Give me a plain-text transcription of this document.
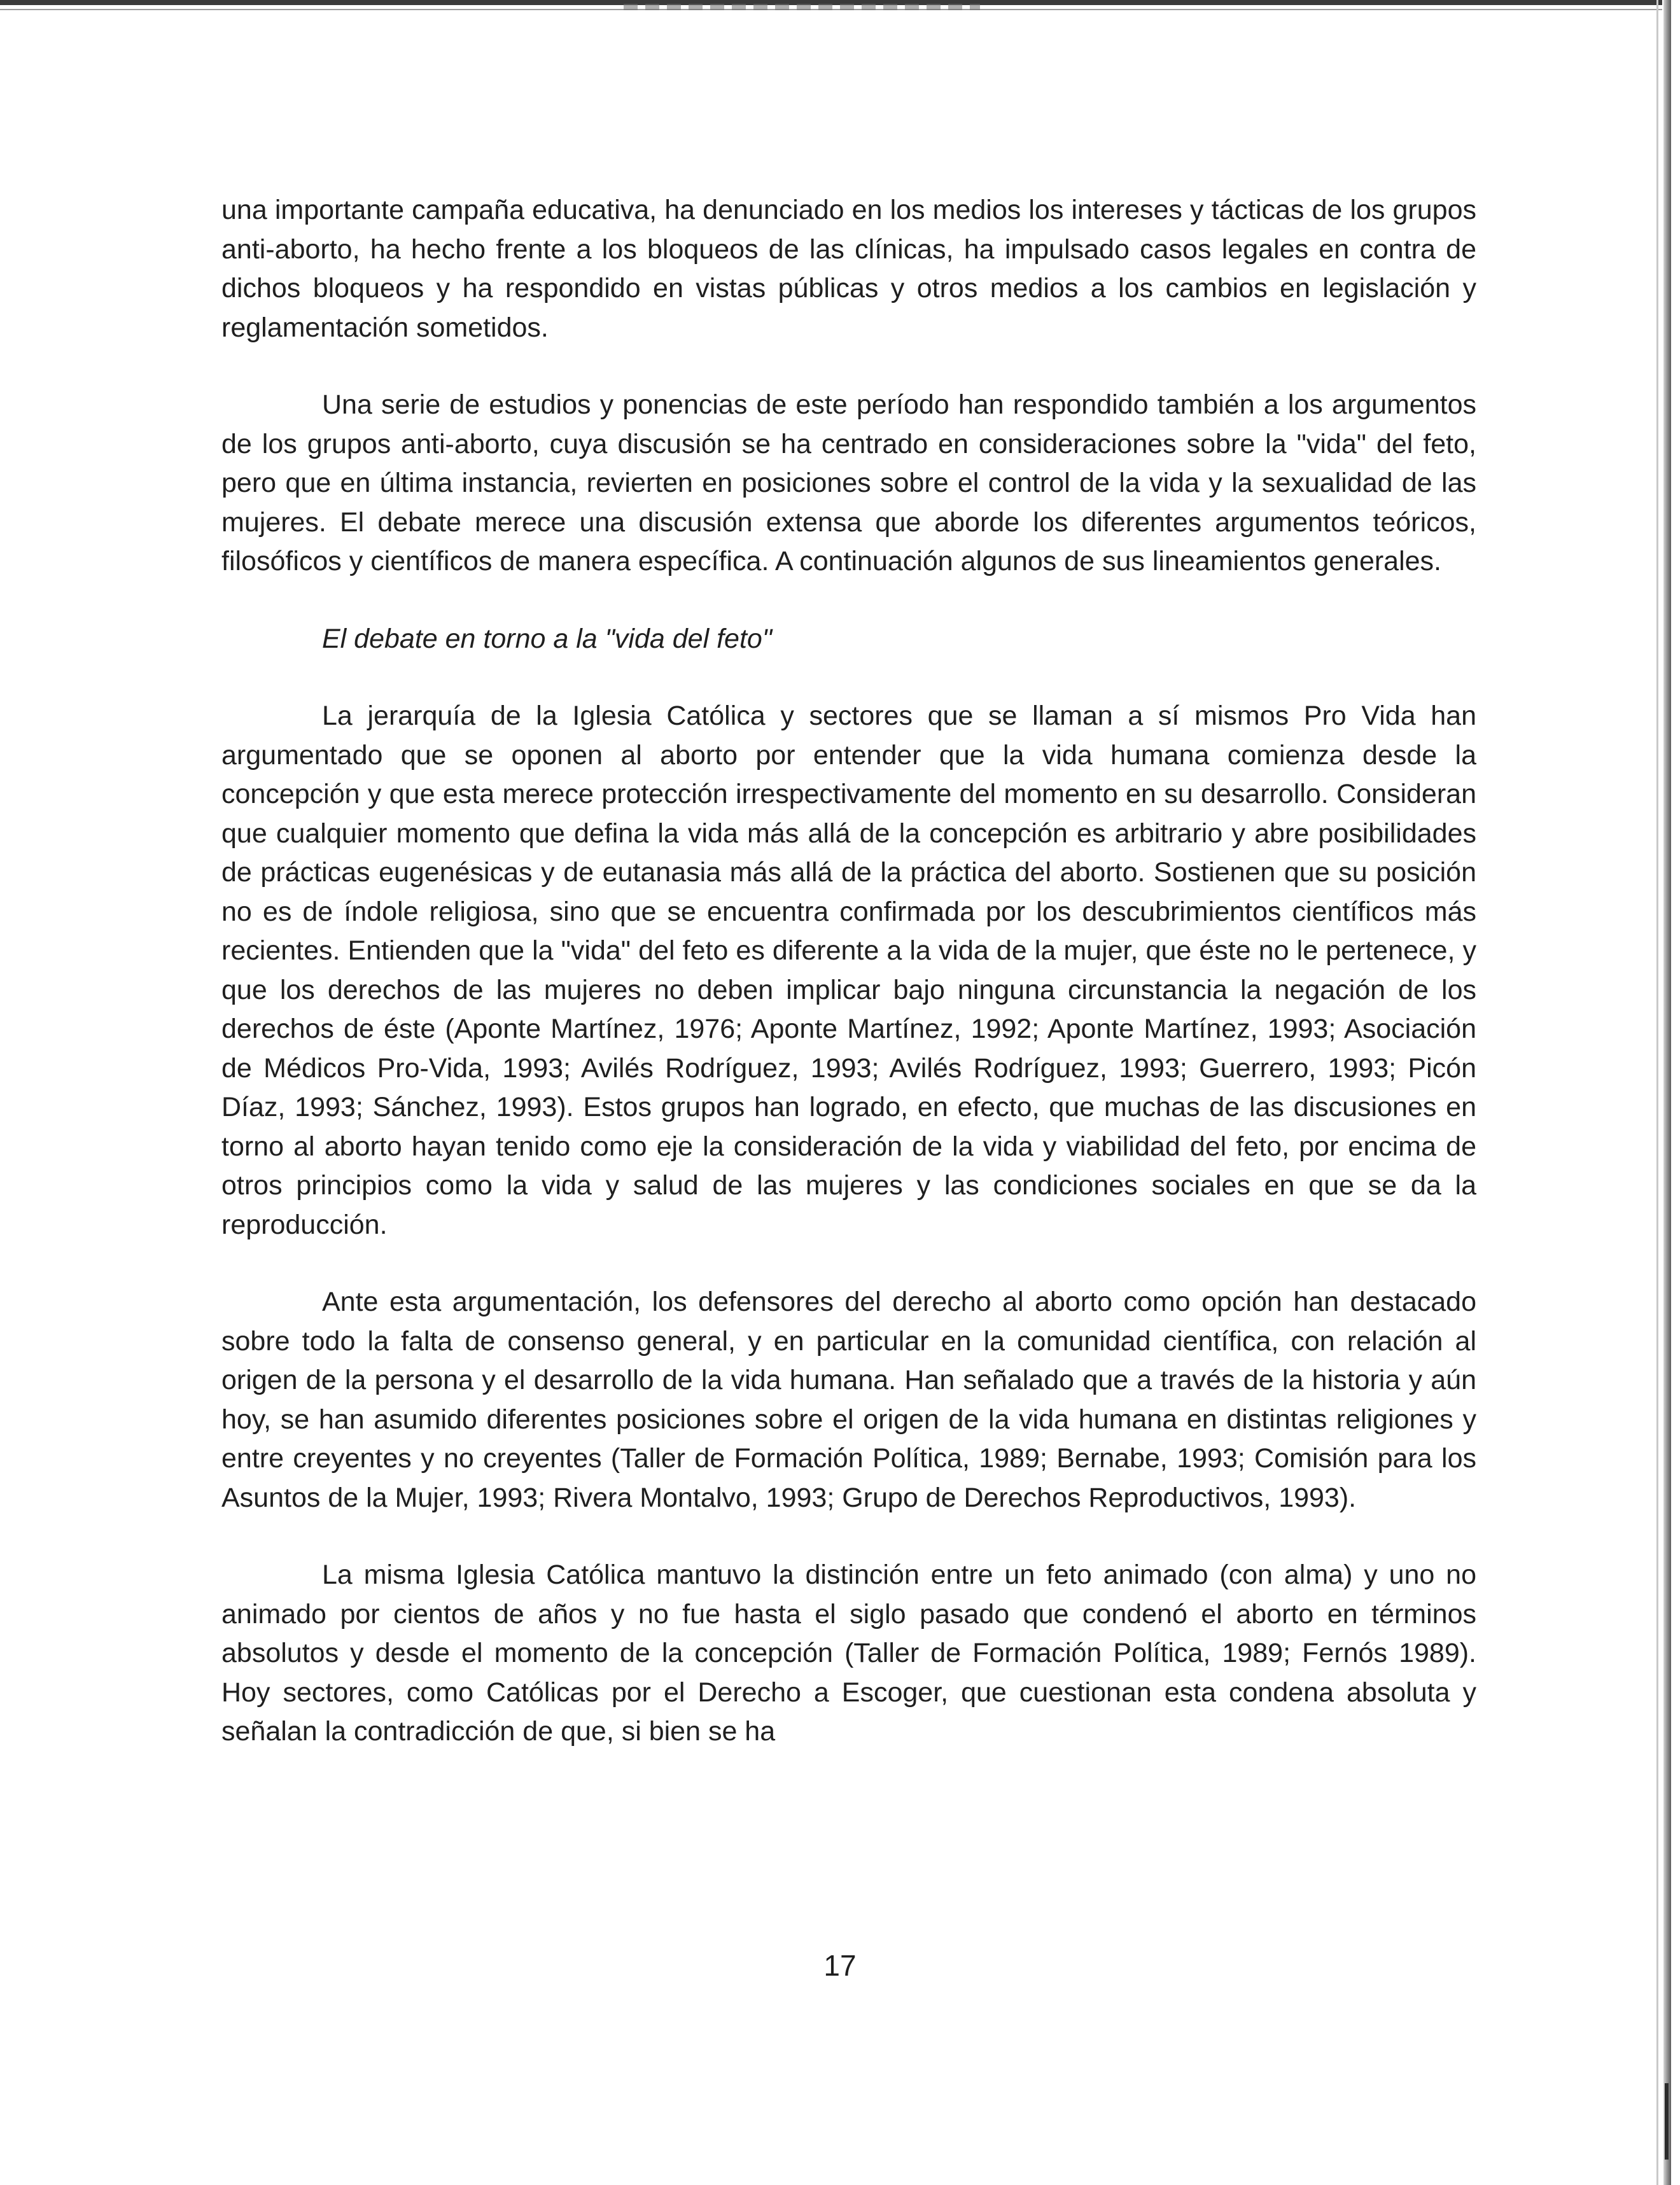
una importante campaña educativa, ha denunciado en los medios los intereses y tácticas de los grupos anti-aborto, ha hecho frente a los bloqueos de las clínicas, ha impulsado casos legales en contra de dichos bloqueos y ha respondido en vistas públicas y otros medios a los cambios en legislación y reglamentación sometidos.

Una serie de estudios y ponencias de este período han respondido también a los argumentos de los grupos anti-aborto, cuya discusión se ha centrado en consideraciones sobre la "vida" del feto, pero que en última instancia, revierten en posiciones sobre el control de la vida y la sexualidad de las mujeres. El debate merece una discusión extensa que aborde los diferentes argumentos teóricos, filosóficos y científicos de manera específica. A continuación algunos de sus lineamientos generales.

El debate en torno a la "vida del feto"

La jerarquía de la Iglesia Católica y sectores que se llaman a sí mismos Pro Vida han argumentado que se oponen al aborto por entender que la vida humana comienza desde la concepción y que esta merece protección irrespectivamente del momento en su desarrollo. Consideran que cualquier momento que defina la vida más allá de la concepción es arbitrario y abre posibilidades de prácticas eugenésicas y de eutanasia más allá de la práctica del aborto. Sostienen que su posición no es de índole religiosa, sino que se encuentra confirmada por los descubrimientos científicos más recientes. Entienden que la "vida" del feto es diferente a la vida de la mujer, que éste no le pertenece, y que los derechos de las mujeres no deben implicar bajo ninguna circunstancia la negación de los derechos de éste (Aponte Martínez, 1976; Aponte Martínez, 1992; Aponte Martínez, 1993; Asociación de Médicos Pro-Vida, 1993; Avilés Rodríguez, 1993; Avilés Rodríguez, 1993; Guerrero, 1993; Picón Díaz, 1993; Sánchez, 1993). Estos grupos han logrado, en efecto, que muchas de las discusiones en torno al aborto hayan tenido como eje la consideración de la vida y viabilidad del feto, por encima de otros principios como la vida y salud de las mujeres y las condiciones sociales en que se da la reproducción.

Ante esta argumentación, los defensores del derecho al aborto como opción han destacado sobre todo la falta de consenso general, y en particular en la comunidad científica, con relación al origen de la persona y el desarrollo de la vida humana. Han señalado que a través de la historia y aún hoy, se han asumido diferentes posiciones sobre el origen de la vida humana en distintas religiones y entre creyentes y no creyentes (Taller de Formación Política, 1989; Bernabe, 1993; Comisión para los Asuntos de la Mujer, 1993; Rivera Montalvo, 1993; Grupo de Derechos Reproductivos, 1993).

La misma Iglesia Católica mantuvo la distinción entre un feto animado (con alma) y uno no animado por cientos de años y no fue hasta el siglo pasado que condenó el aborto en términos absolutos y desde el momento de la concepción (Taller de Formación Política, 1989; Fernós 1989). Hoy sectores, como Católicas por el Derecho a Escoger, que cuestionan esta condena absoluta y señalan la contradicción de que, si bien se ha

17
